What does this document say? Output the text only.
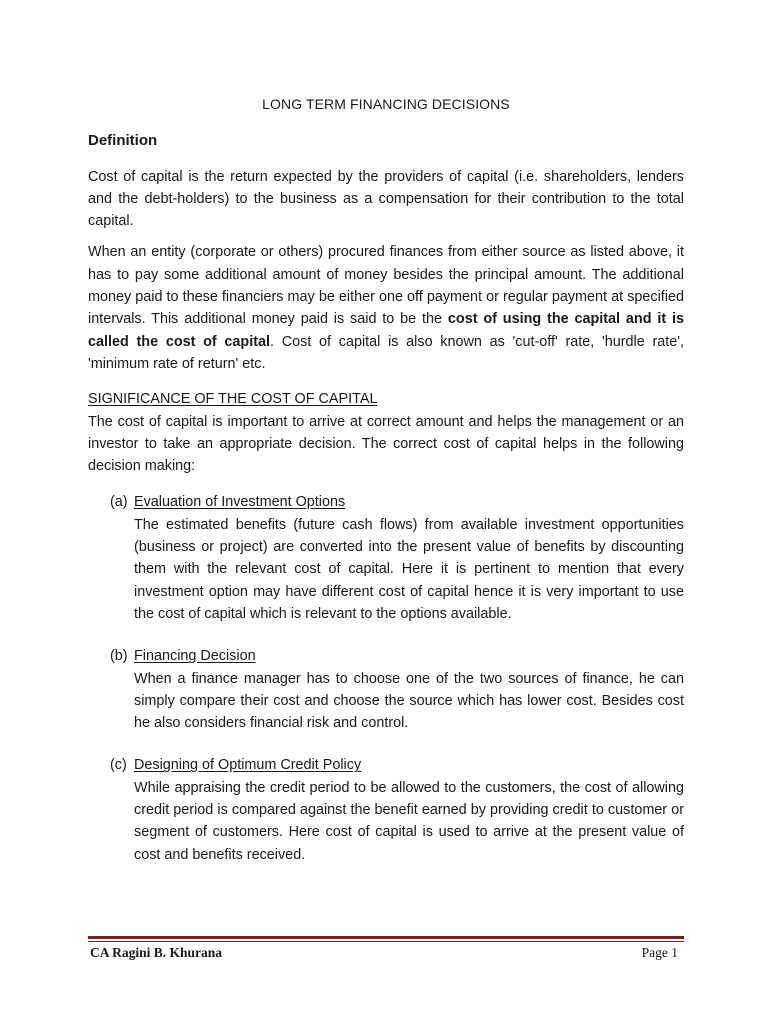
LONG TERM FINANCING DECISIONS
Definition

Cost of capital is the return expected by the providers of capital (i.e. shareholders, lenders and the debt-holders) to the business as a compensation for their contribution to the total capital.

When an entity (corporate or others) procured finances from either source as listed above, it has to pay some additional amount of money besides the principal amount. The additional money paid to these financiers may be either one off payment or regular payment at specified intervals. This additional money paid is said to be the cost of using the capital and it is called the cost of capital. Cost of capital is also known as 'cut-off' rate, 'hurdle rate', 'minimum rate of return' etc.

SIGNIFICANCE OF THE COST OF CAPITAL

The cost of capital is important to arrive at correct amount and helps the management or an investor to take an appropriate decision. The correct cost of capital helps in the following decision making:

(a) Evaluation of Investment Options
The estimated benefits (future cash flows) from available investment opportunities (business or project) are converted into the present value of benefits by discounting them with the relevant cost of capital. Here it is pertinent to mention that every investment option may have different cost of capital hence it is very important to use the cost of capital which is relevant to the options available.
(b) Financing Decision
When a finance manager has to choose one of the two sources of finance, he can simply compare their cost and choose the source which has lower cost. Besides cost he also considers financial risk and control.
(c) Designing of Optimum Credit Policy
While appraising the credit period to be allowed to the customers, the cost of allowing credit period is compared against the benefit earned by providing credit to customer or segment of customers. Here cost of capital is used to arrive at the present value of cost and benefits received.
CA Ragini B. Khurana	Page 1
